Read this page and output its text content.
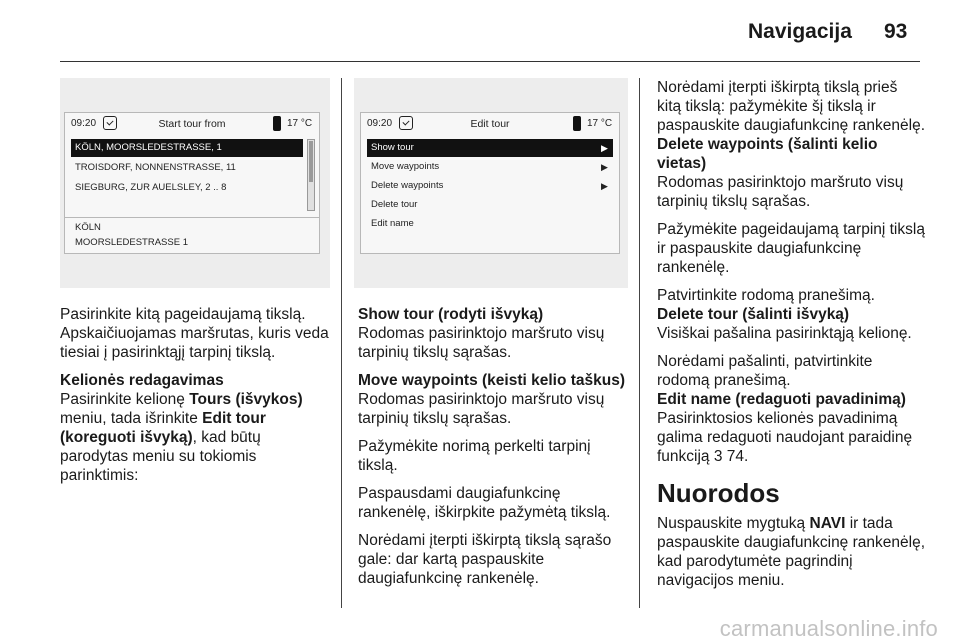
Navigacija 93
09:20	Start tour from	17 °C
KÖLN, MOORSLEDESTRASSE, 1
TROISDORF, NONNENSTRASSE, 11
SIEGBURG, ZUR AUELSLEY, 2 .. 8
KÖLN
MOORSLEDESTRASSE 1
09:20	Edit tour	17 °C
Show tour	▶
Move waypoints	▶
Delete waypoints	▶
Delete tour
Edit name

Pasirinkite kitą pageidaujamą tikslą. Apskaičiuojamas maršrutas, kuris veda tiesiai į pasirinktąjį tarpinį tikslą.

Kelionės redagavimas

Pasirinkite kelionę Tours (išvykos) meniu, tada išrinkite Edit tour (koreguoti išvyką), kad būtų parodytas meniu su tokiomis parinktimis:

Show tour (rodyti išvyką)

Rodomas pasirinktojo maršruto visų tarpinių tikslų sąrašas.

Move waypoints (keisti kelio taškus)

Rodomas pasirinktojo maršruto visų tarpinių tikslų sąrašas.

Pažymėkite norimą perkelti tarpinį tikslą.

Paspausdami daugiafunkcinę rankenėlę, iškirpkite pažymėtą tikslą.

Norėdami įterpti iškirptą tikslą sąrašo gale: dar kartą paspauskite daugiafunkcinę rankenėlę.

Norėdami įterpti iškirptą tikslą prieš kitą tikslą: pažymėkite šį tikslą ir paspauskite daugiafunkcinę rankenėlę.

Delete waypoints (šalinti kelio vietas)

Rodomas pasirinktojo maršruto visų tarpinių tikslų sąrašas.

Pažymėkite pageidaujamą tarpinį tikslą ir paspauskite daugiafunkcinę rankenėlę.

Patvirtinkite rodomą pranešimą.

Delete tour (šalinti išvyką)

Visiškai pašalina pasirinktąją kelionę.

Norėdami pašalinti, patvirtinkite rodomą pranešimą.

Edit name (redaguoti pavadinimą)

Pasirinktosios kelionės pavadinimą galima redaguoti naudojant paraidinę funkciją 3 74.

Nuorodos

Nuspauskite mygtuką NAVI ir tada paspauskite daugiafunkcinę rankenėlę, kad parodytumėte pagrindinį navigacijos meniu.

carmanualsonline.info
